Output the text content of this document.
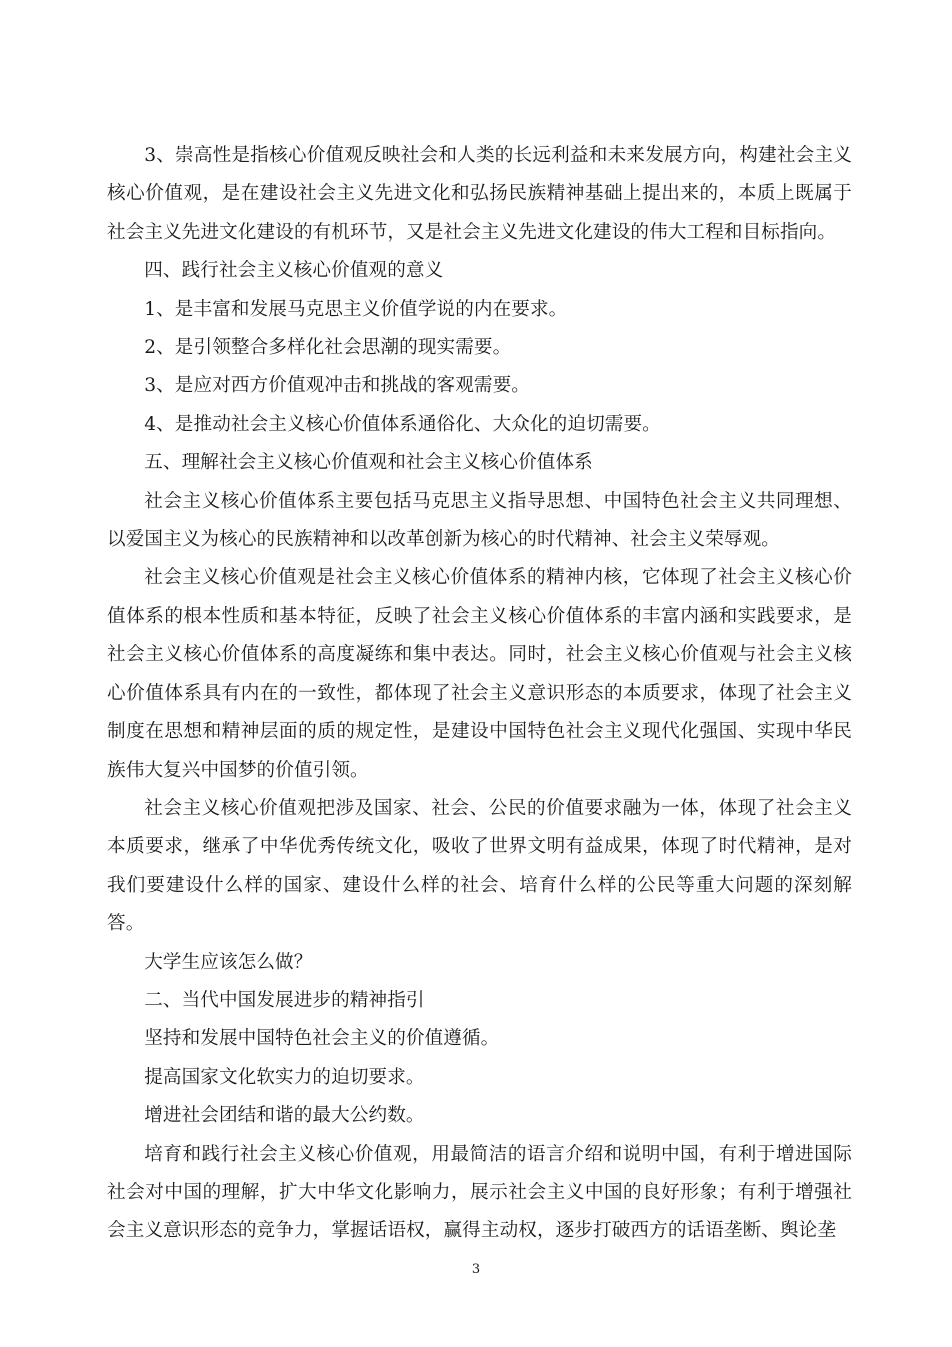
3、崇高性是指核心价值观反映社会和人类的长远利益和未来发展方向，构建社会主义核心价值观，是在建设社会主义先进文化和弘扬民族精神基础上提出来的，本质上既属于社会主义先进文化建设的有机环节，又是社会主义先进文化建设的伟大工程和目标指向。

四、践行社会主义核心价值观的意义

1、是丰富和发展马克思主义价值学说的内在要求。

2、是引领整合多样化社会思潮的现实需要。

3、是应对西方价值观冲击和挑战的客观需要。

4、是推动社会主义核心价值体系通俗化、大众化的迫切需要。

五、理解社会主义核心价值观和社会主义核心价值体系

社会主义核心价值体系主要包括马克思主义指导思想、中国特色社会主义共同理想、以爱国主义为核心的民族精神和以改革创新为核心的时代精神、社会主义荣辱观。

社会主义核心价值观是社会主义核心价值体系的精神内核，它体现了社会主义核心价值体系的根本性质和基本特征，反映了社会主义核心价值体系的丰富内涵和实践要求，是社会主义核心价值体系的高度凝练和集中表达。同时，社会主义核心价值观与社会主义核心价值体系具有内在的一致性，都体现了社会主义意识形态的本质要求，体现了社会主义制度在思想和精神层面的质的规定性，是建设中国特色社会主义现代化强国、实现中华民族伟大复兴中国梦的价值引领。

社会主义核心价值观把涉及国家、社会、公民的价值要求融为一体，体现了社会主义本质要求，继承了中华优秀传统文化，吸收了世界文明有益成果，体现了时代精神，是对我们要建设什么样的国家、建设什么样的社会、培育什么样的公民等重大问题的深刻解答。

大学生应该怎么做？

二、当代中国发展进步的精神指引

坚持和发展中国特色社会主义的价值遵循。

提高国家文化软实力的迫切要求。

增进社会团结和谐的最大公约数。

培育和践行社会主义核心价值观，用最简洁的语言介绍和说明中国，有利于增进国际社会对中国的理解，扩大中华文化影响力，展示社会主义中国的良好形象；有利于增强社会主义意识形态的竞争力，掌握话语权，赢得主动权，逐步打破西方的话语垄断、舆论垄

3
